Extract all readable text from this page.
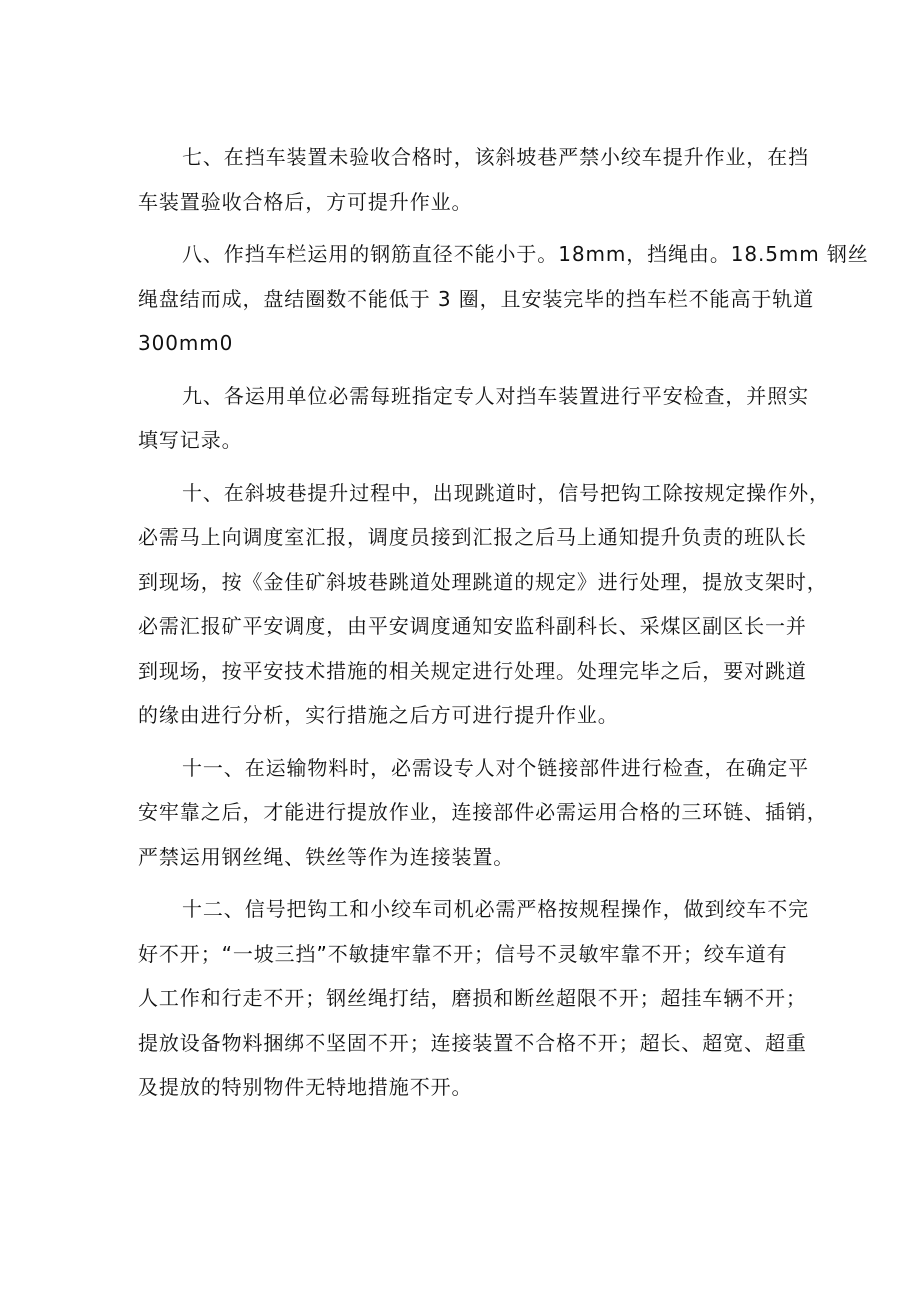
七、在挡车装置未验收合格时，该斜坡巷严禁小绞车提升作业，在挡
车装置验收合格后，方可提升作业。

八、作挡车栏运用的钢筋直径不能小于。18mm，挡绳由。18.5mm 钢丝
绳盘结而成，盘结圈数不能低于 3 圈，且安装完毕的挡车栏不能高于轨道
300mm0

九、各运用单位必需每班指定专人对挡车装置进行平安检查，并照实
填写记录。

十、在斜坡巷提升过程中，出现跳道时，信号把钩工除按规定操作外，
必需马上向调度室汇报，调度员接到汇报之后马上通知提升负责的班队长
到现场，按《金佳矿斜坡巷跳道处理跳道的规定》进行处理，提放支架时，
必需汇报矿平安调度，由平安调度通知安监科副科长、采煤区副区长一并
到现场，按平安技术措施的相关规定进行处理。处理完毕之后，要对跳道
的缘由进行分析，实行措施之后方可进行提升作业。

十一、在运输物料时，必需设专人对个链接部件进行检查，在确定平
安牢靠之后，才能进行提放作业，连接部件必需运用合格的三环链、插销，
严禁运用钢丝绳、铁丝等作为连接装置。

十二、信号把钩工和小绞车司机必需严格按规程操作，做到绞车不完
好不开；“一坡三挡”不敏捷牢靠不开；信号不灵敏牢靠不开；绞车道有
人工作和行走不开；钢丝绳打结，磨损和断丝超限不开；超挂车辆不开；
提放设备物料捆绑不坚固不开；连接装置不合格不开；超长、超宽、超重
及提放的特别物件无特地措施不开。
